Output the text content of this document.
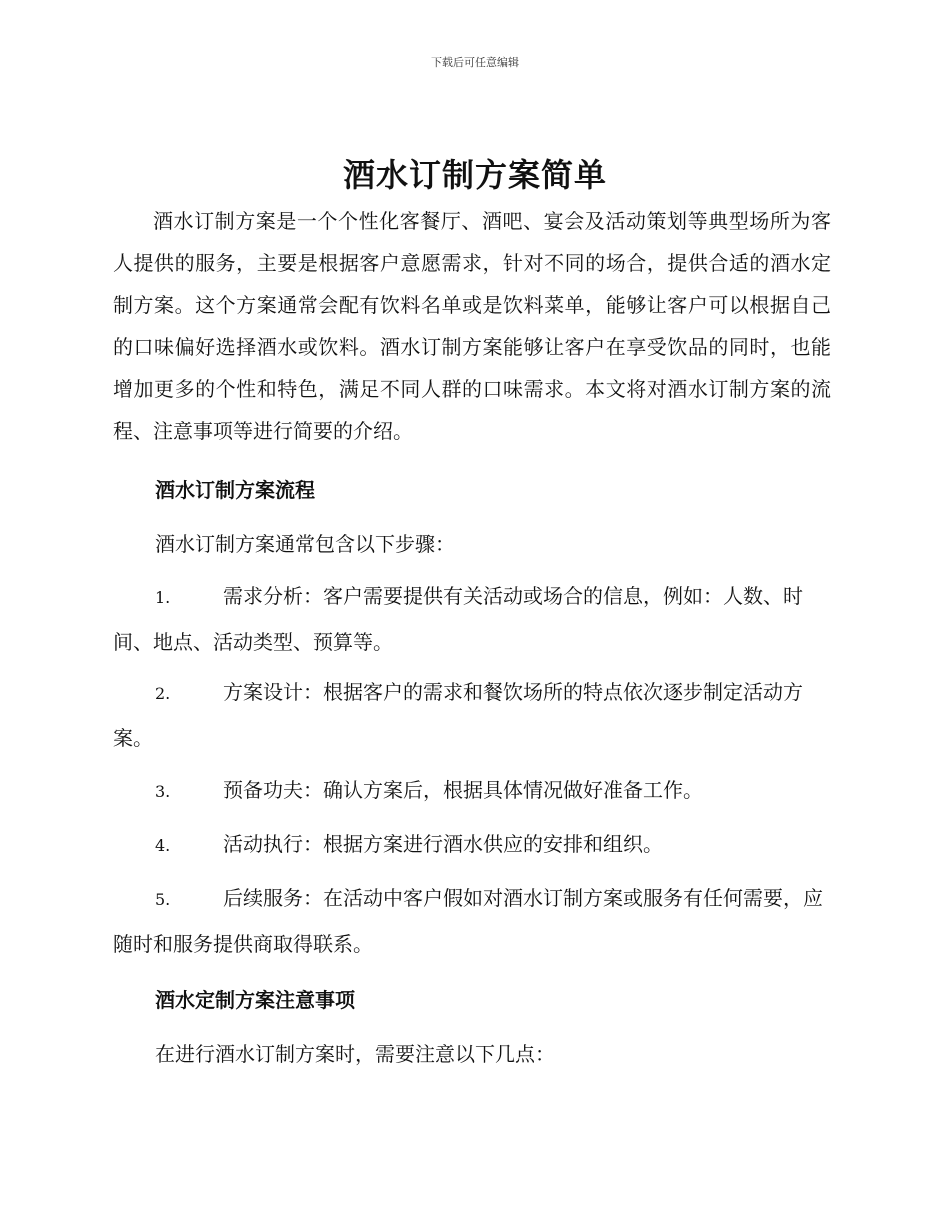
下载后可任意编辑
酒水订制方案简单

酒水订制方案是一个个性化客餐厅、酒吧、宴会及活动策划等典型场所为客人提供的服务，主要是根据客户意愿需求，针对不同的场合，提供合适的酒水定制方案。这个方案通常会配有饮料名单或是饮料菜单，能够让客户可以根据自己的口味偏好选择酒水或饮料。酒水订制方案能够让客户在享受饮品的同时，也能增加更多的个性和特色，满足不同人群的口味需求。本文将对酒水订制方案的流程、注意事项等进行简要的介绍。

酒水订制方案流程
酒水订制方案通常包含以下步骤：
1.	需求分析：客户需要提供有关活动或场合的信息，例如：人数、时间、地点、活动类型、预算等。
2.	方案设计：根据客户的需求和餐饮场所的特点依次逐步制定活动方案。
3.	预备功夫：确认方案后，根据具体情况做好准备工作。
4.	活动执行：根据方案进行酒水供应的安排和组织。
5.	后续服务：在活动中客户假如对酒水订制方案或服务有任何需要，应随时和服务提供商取得联系。
酒水定制方案注意事项
在进行酒水订制方案时，需要注意以下几点：
